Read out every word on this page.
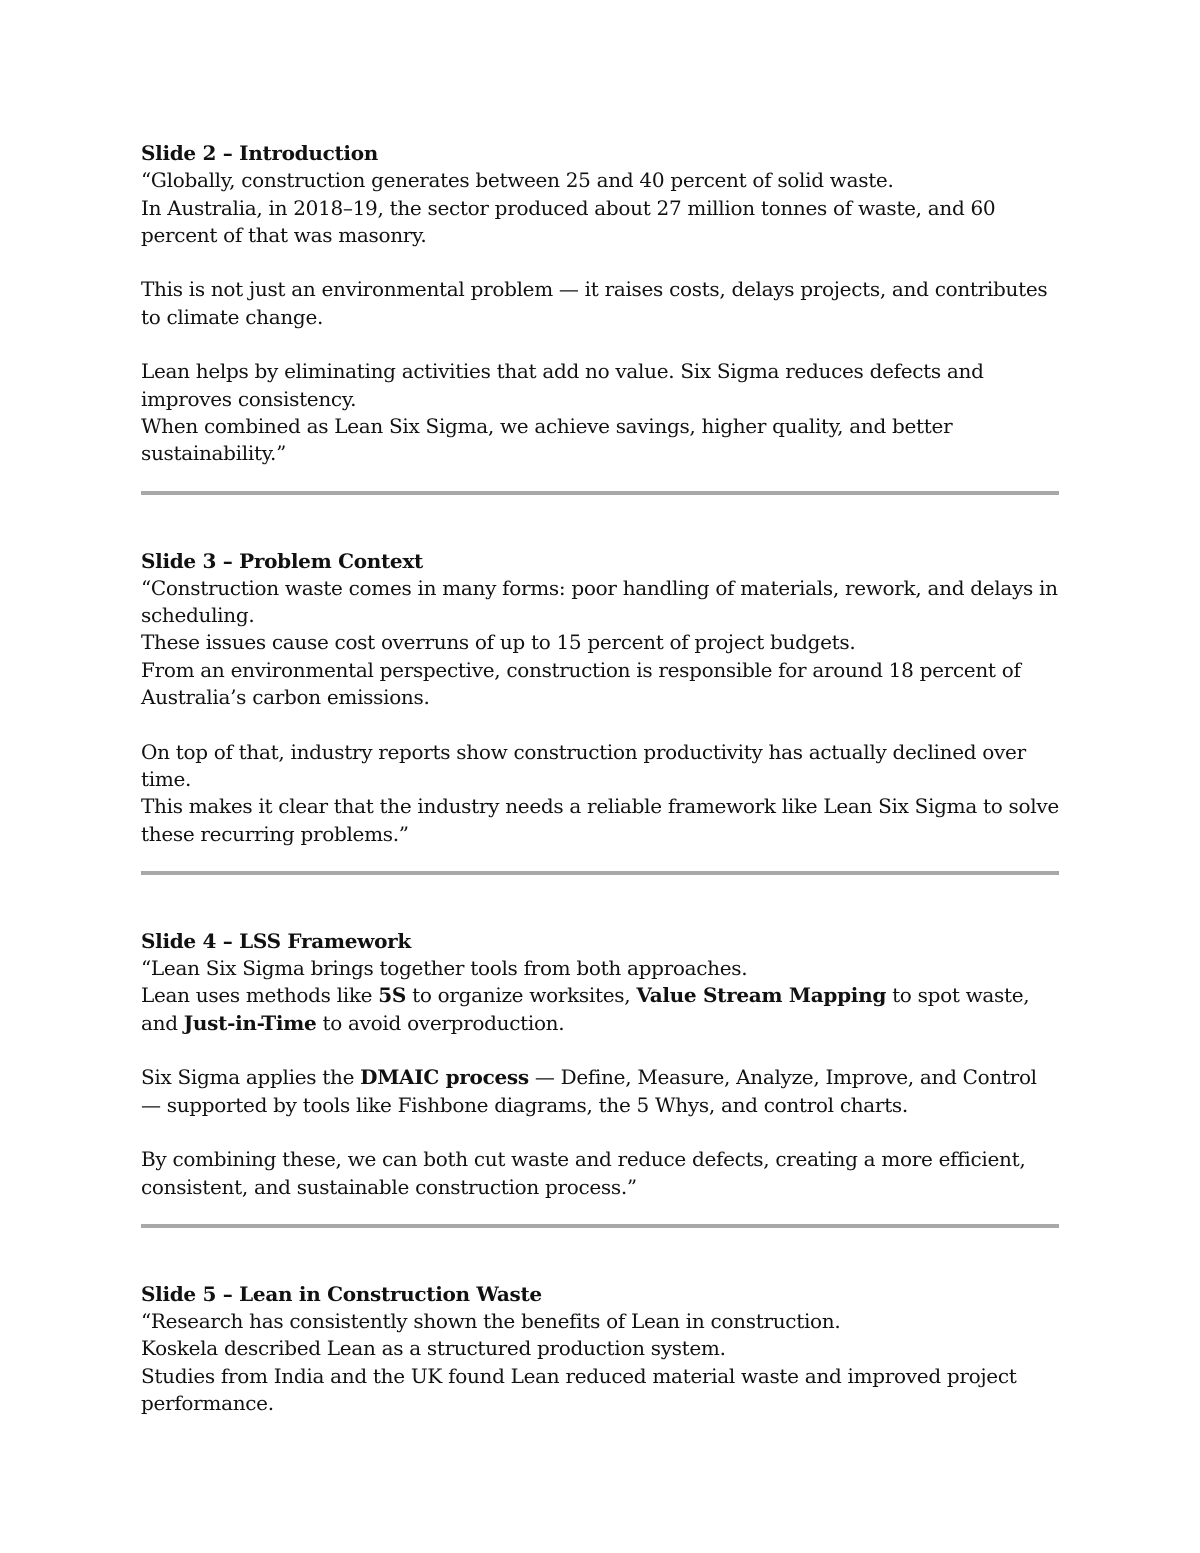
Slide 2 – Introduction

“Globally, construction generates between 25 and 40 percent of solid waste.

In Australia, in 2018–19, the sector produced about 27 million tonnes of waste, and 60 percent of that was masonry.

This is not just an environmental problem — it raises costs, delays projects, and contributes to climate change.

Lean helps by eliminating activities that add no value. Six Sigma reduces defects and improves consistency.

When combined as Lean Six Sigma, we achieve savings, higher quality, and better sustainability.”

Slide 3 – Problem Context

“Construction waste comes in many forms: poor handling of materials, rework, and delays in scheduling.

These issues cause cost overruns of up to 15 percent of project budgets.

From an environmental perspective, construction is responsible for around 18 percent of Australia’s carbon emissions.

On top of that, industry reports show construction productivity has actually declined over time.

This makes it clear that the industry needs a reliable framework like Lean Six Sigma to solve these recurring problems.”

Slide 4 – LSS Framework

“Lean Six Sigma brings together tools from both approaches.

Lean uses methods like 5S to organize worksites, Value Stream Mapping to spot waste, and Just-in-Time to avoid overproduction.

Six Sigma applies the DMAIC process — Define, Measure, Analyze, Improve, and Control — supported by tools like Fishbone diagrams, the 5 Whys, and control charts.

By combining these, we can both cut waste and reduce defects, creating a more efficient, consistent, and sustainable construction process.”

Slide 5 – Lean in Construction Waste

“Research has consistently shown the benefits of Lean in construction.

Koskela described Lean as a structured production system.

Studies from India and the UK found Lean reduced material waste and improved project performance.
